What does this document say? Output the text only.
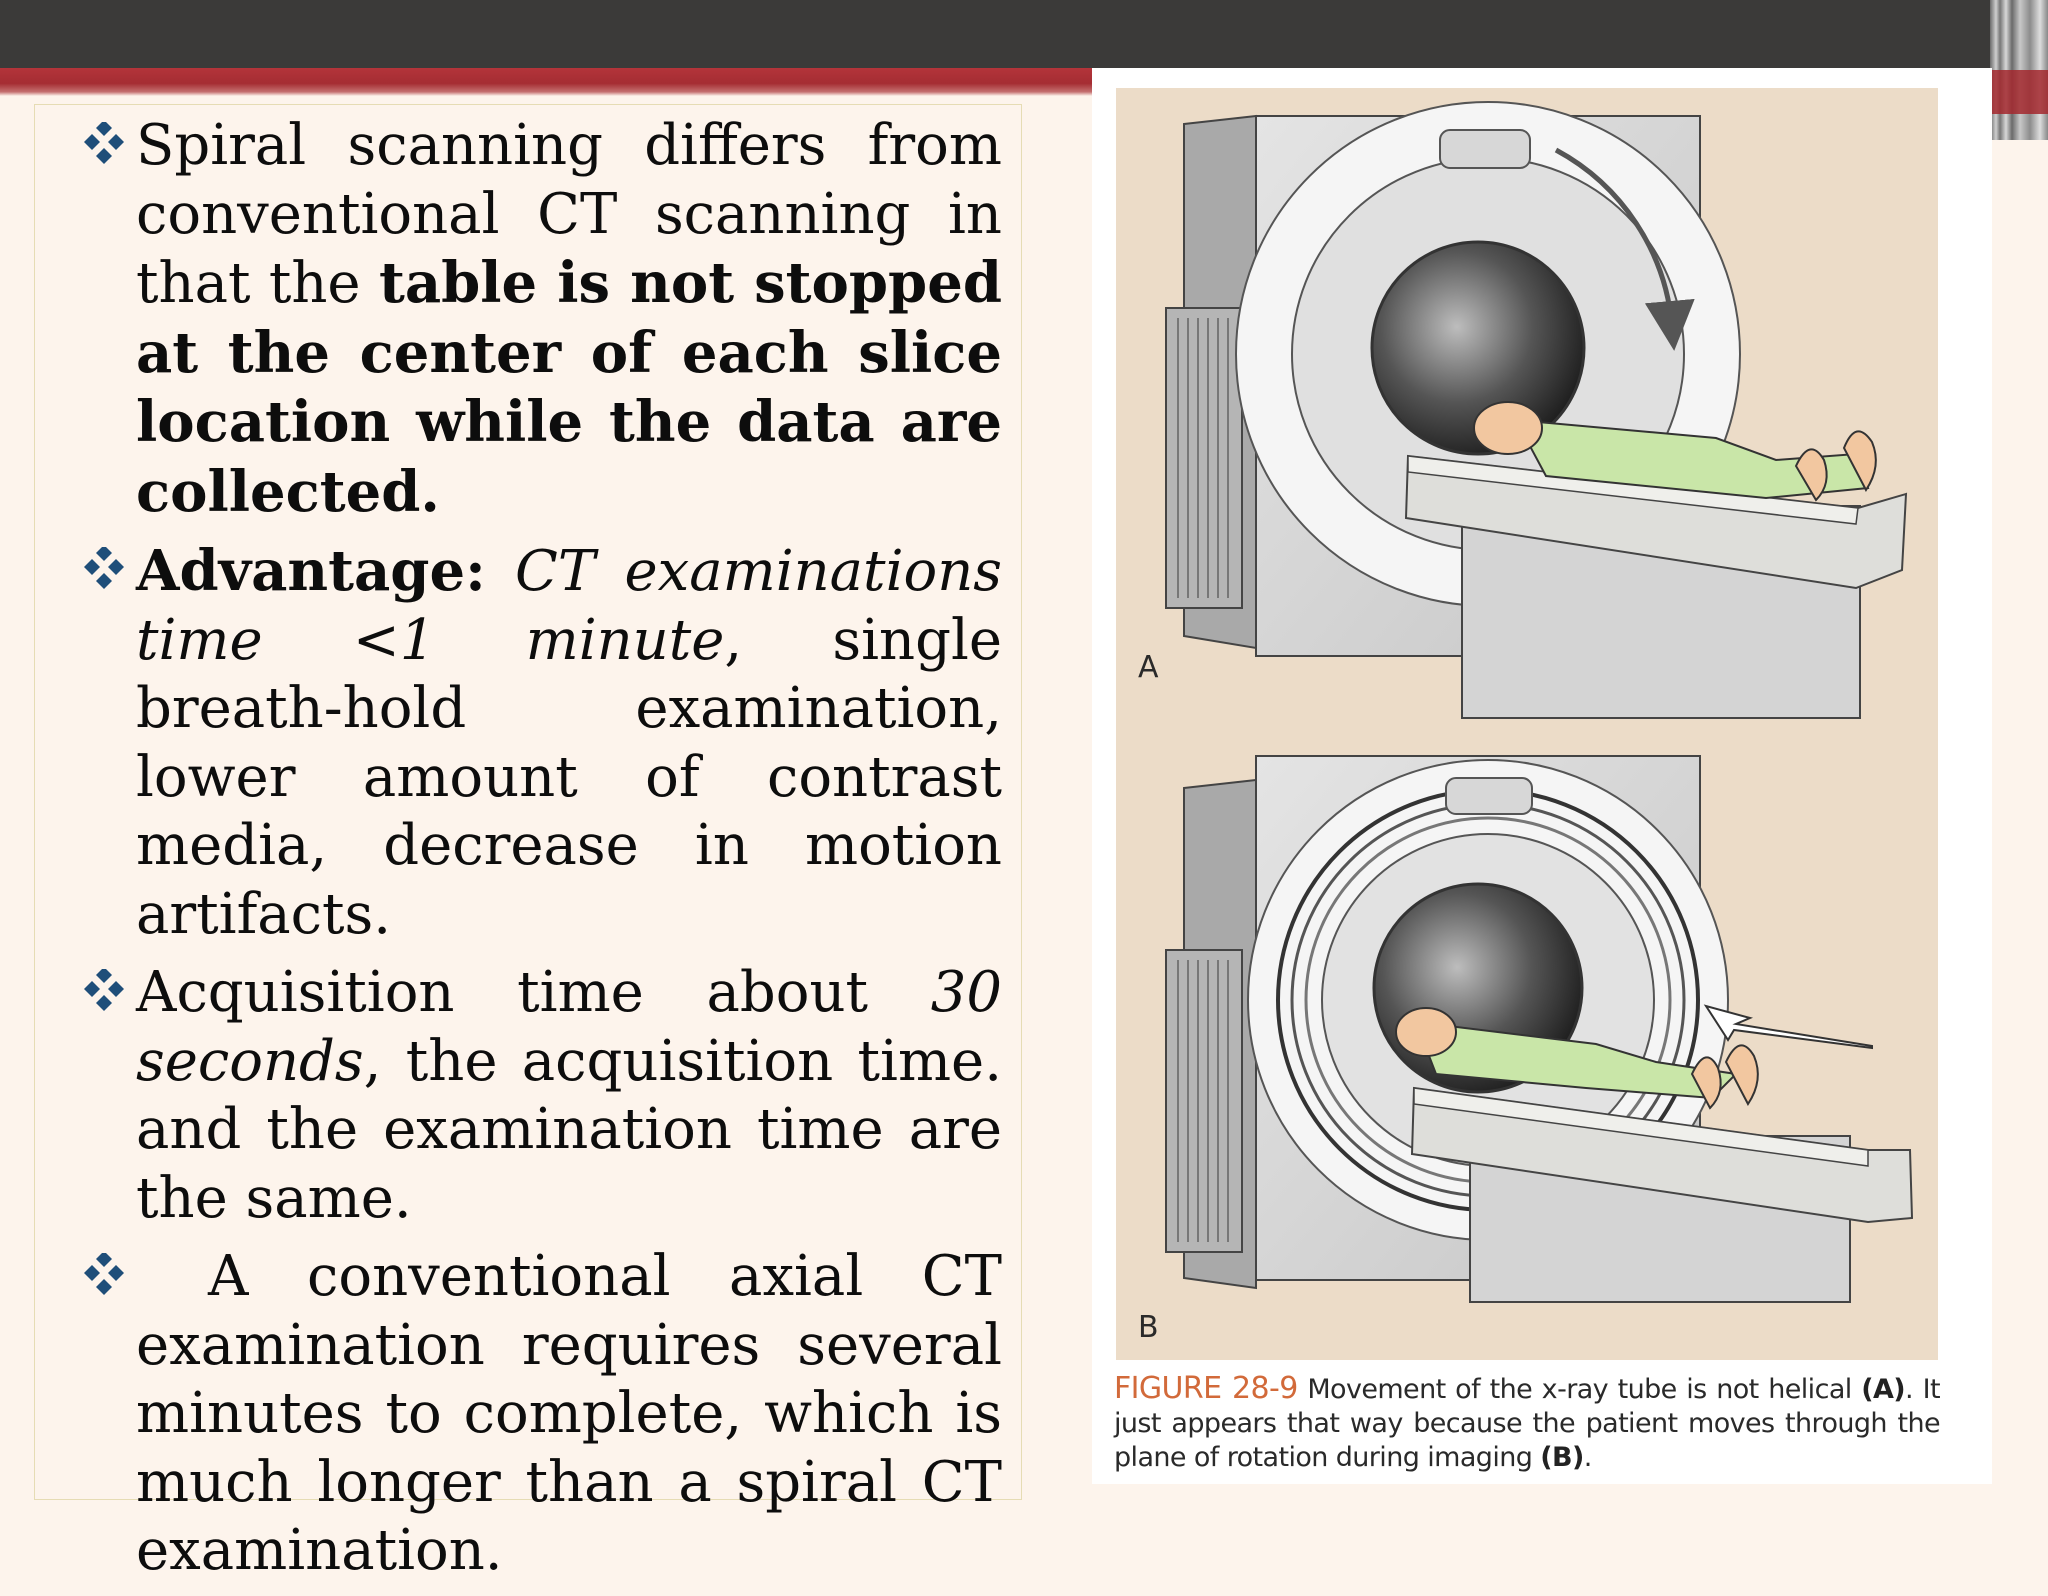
Spiral scanning differs from conventional CT scanning in that the table is not stopped at the center of each slice location while the data are collected.

Advantage: CT examinations time <1 minute, single breath-hold examination, lower amount of contrast media, decrease in motion artifacts.

Acquisition time about 30 seconds, the acquisition time. and the examination time are the same.

A conventional axial CT examination requires several minutes to complete, which is much longer than a spiral CT examination.

A
B
FIGURE 28-9 Movement of the x-ray tube is not helical (A). It just appears that way because the patient moves through the plane of rotation during imaging (B).
